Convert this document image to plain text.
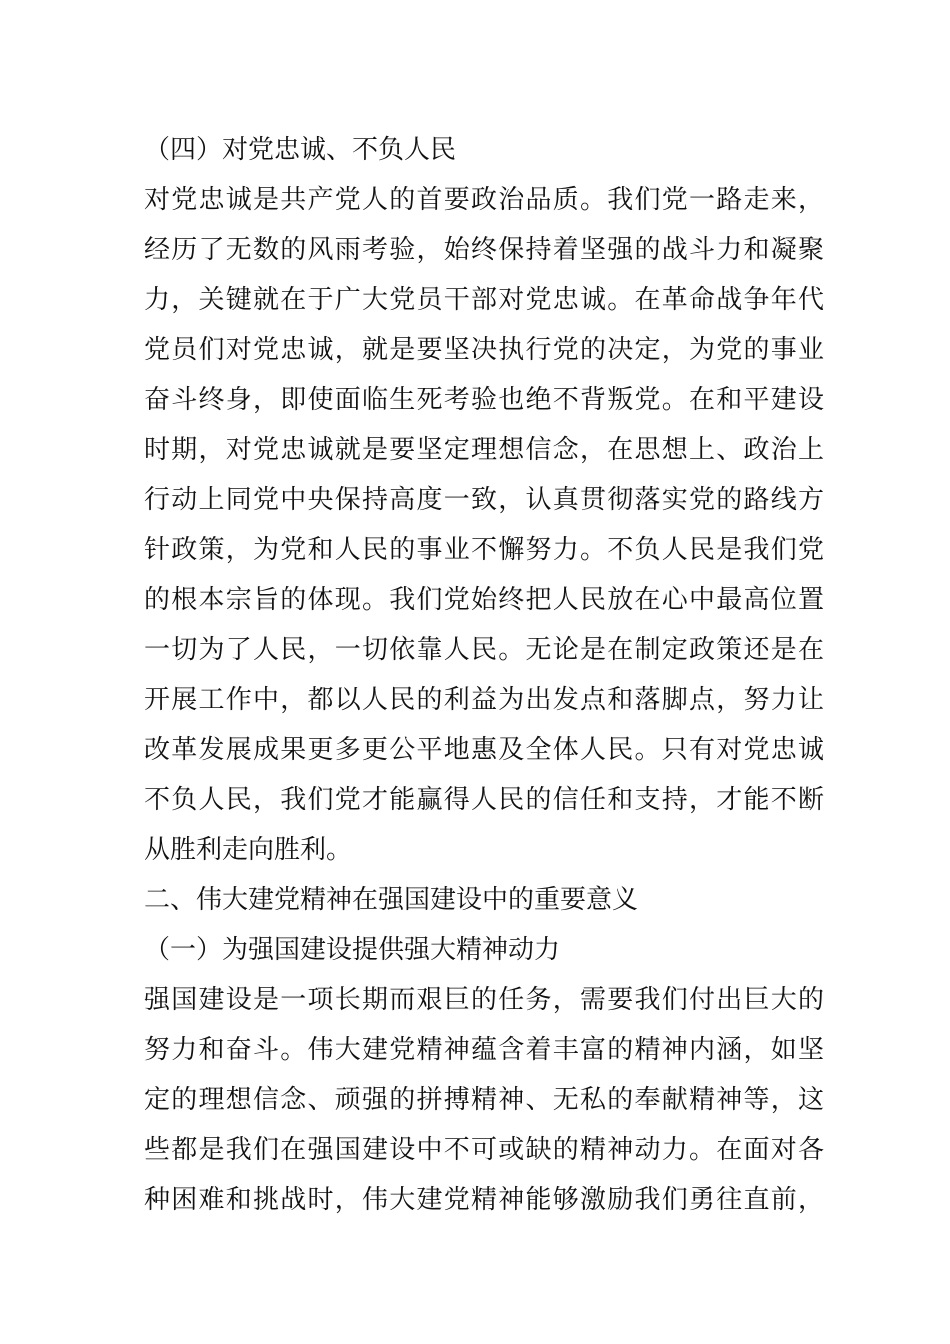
（四）对党忠诚、不负人民
对党忠诚是共产党人的首要政治品质。我们党一路走来，
经历了无数的风雨考验，始终保持着坚强的战斗力和凝聚
力，关键就在于广大党员干部对党忠诚。在革命战争年代
党员们对党忠诚，就是要坚决执行党的决定，为党的事业
奋斗终身，即使面临生死考验也绝不背叛党。在和平建设
时期，对党忠诚就是要坚定理想信念，在思想上、政治上
行动上同党中央保持高度一致，认真贯彻落实党的路线方
针政策，为党和人民的事业不懈努力。不负人民是我们党
的根本宗旨的体现。我们党始终把人民放在心中最高位置
一切为了人民，一切依靠人民。无论是在制定政策还是在
开展工作中，都以人民的利益为出发点和落脚点，努力让
改革发展成果更多更公平地惠及全体人民。只有对党忠诚
不负人民，我们党才能赢得人民的信任和支持，才能不断
从胜利走向胜利。
二、伟大建党精神在强国建设中的重要意义
（一）为强国建设提供强大精神动力
强国建设是一项长期而艰巨的任务，需要我们付出巨大的
努力和奋斗。伟大建党精神蕴含着丰富的精神内涵，如坚
定的理想信念、顽强的拼搏精神、无私的奉献精神等，这
些都是我们在强国建设中不可或缺的精神动力。在面对各
种困难和挑战时，伟大建党精神能够激励我们勇往直前，
